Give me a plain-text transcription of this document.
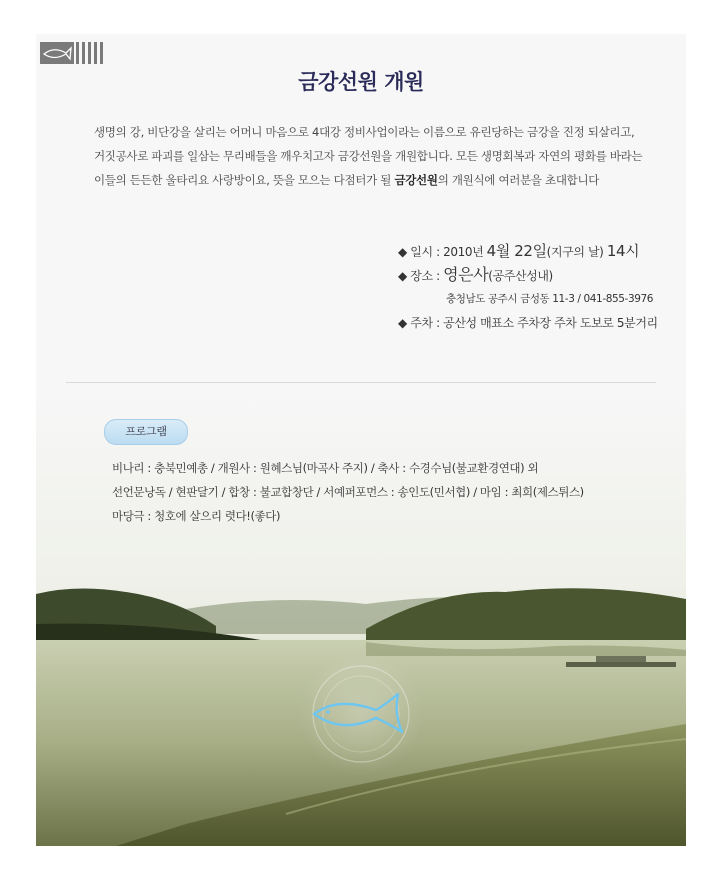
금강선원 개원

생명의 강, 비단강을 살리는 어머니 마음으로 4대강 정비사업이라는 이름으로 유린당하는 금강을 진정 되살리고,

거짓공사로 파괴를 일삼는 무리배들을 깨우치고자 금강선원을 개원합니다. 모든 생명회복과 자연의 평화를 바라는

이들의 든든한 울타리요 사랑방이요, 뜻을 모으는 다점터가 될 금강선원의 개원식에 여러분을 초대합니다

◆ 일시 : 2010년 4월 22일(지구의 날) 14시
◆ 장소 : 영은사(공주산성내)
충청남도 공주시 금성동 11-3 / 041-855-3976
◆ 주차 : 공산성 매표소 주차장 주차 도보로 5분거리
프로그램

비나리 : 충북민예총 / 개원사 : 원혜스님(마곡사 주지) / 축사 : 수경수님(불교환경연대) 외

선언문낭독 / 현판달기 / 합창 : 불교합창단 / 서예퍼포먼스 : 송인도(민서협) / 마임 : 최희(제스튀스)

마당극 : 청호에 살으리 렷다!(좋다)
